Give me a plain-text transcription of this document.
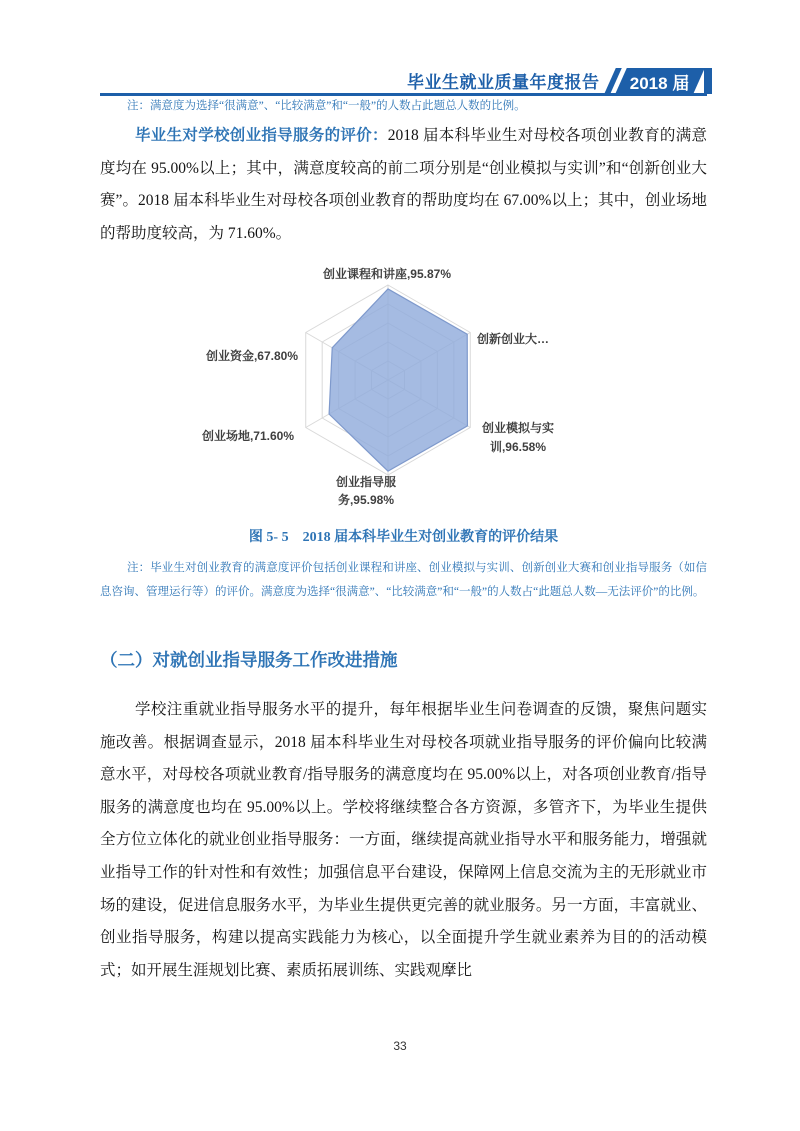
毕业生就业质量年度报告 2018 届

注：满意度为选择“很满意”、“比较满意”和“一般”的人数占此题总人数的比例。

毕业生对学校创业指导服务的评价：2018 届本科毕业生对母校各项创业教育的满意度均在 95.00%以上；其中，满意度较高的前二项分别是“创业模拟与实训”和“创新创业大赛”。2018 届本科毕业生对母校各项创业教育的帮助度均在 67.00%以上；其中，创业场地的帮助度较高，为 71.60%。

创业课程和讲座,95.87%
创新创业大…
创业模拟与实
训,96.58%
创业指导服
务,95.98%
创业场地,71.60%
创业资金,67.80%

图 5- 5　2018 届本科毕业生对创业教育的评价结果

注：毕业生对创业教育的满意度评价包括创业课程和讲座、创业模拟与实训、创新创业大赛和创业指导服务（如信息咨询、管理运行等）的评价。满意度为选择“很满意”、“比较满意”和“一般”的人数占“此题总人数—无法评价”的比例。

（二）对就创业指导服务工作改进措施

学校注重就业指导服务水平的提升，每年根据毕业生问卷调查的反馈，聚焦问题实施改善。根据调查显示，2018 届本科毕业生对母校各项就业指导服务的评价偏向比较满意水平，对母校各项就业教育/指导服务的满意度均在 95.00%以上，对各项创业教育/指导服务的满意度也均在 95.00%以上。学校将继续整合各方资源，多管齐下，为毕业生提供全方位立体化的就业创业指导服务：一方面，继续提高就业指导水平和服务能力，增强就业指导工作的针对性和有效性；加强信息平台建设，保障网上信息交流为主的无形就业市场的建设，促进信息服务水平，为毕业生提供更完善的就业服务。另一方面，丰富就业、创业指导服务，构建以提高实践能力为核心，以全面提升学生就业素养为目的的活动模式；如开展生涯规划比赛、素质拓展训练、实践观摩比

33
